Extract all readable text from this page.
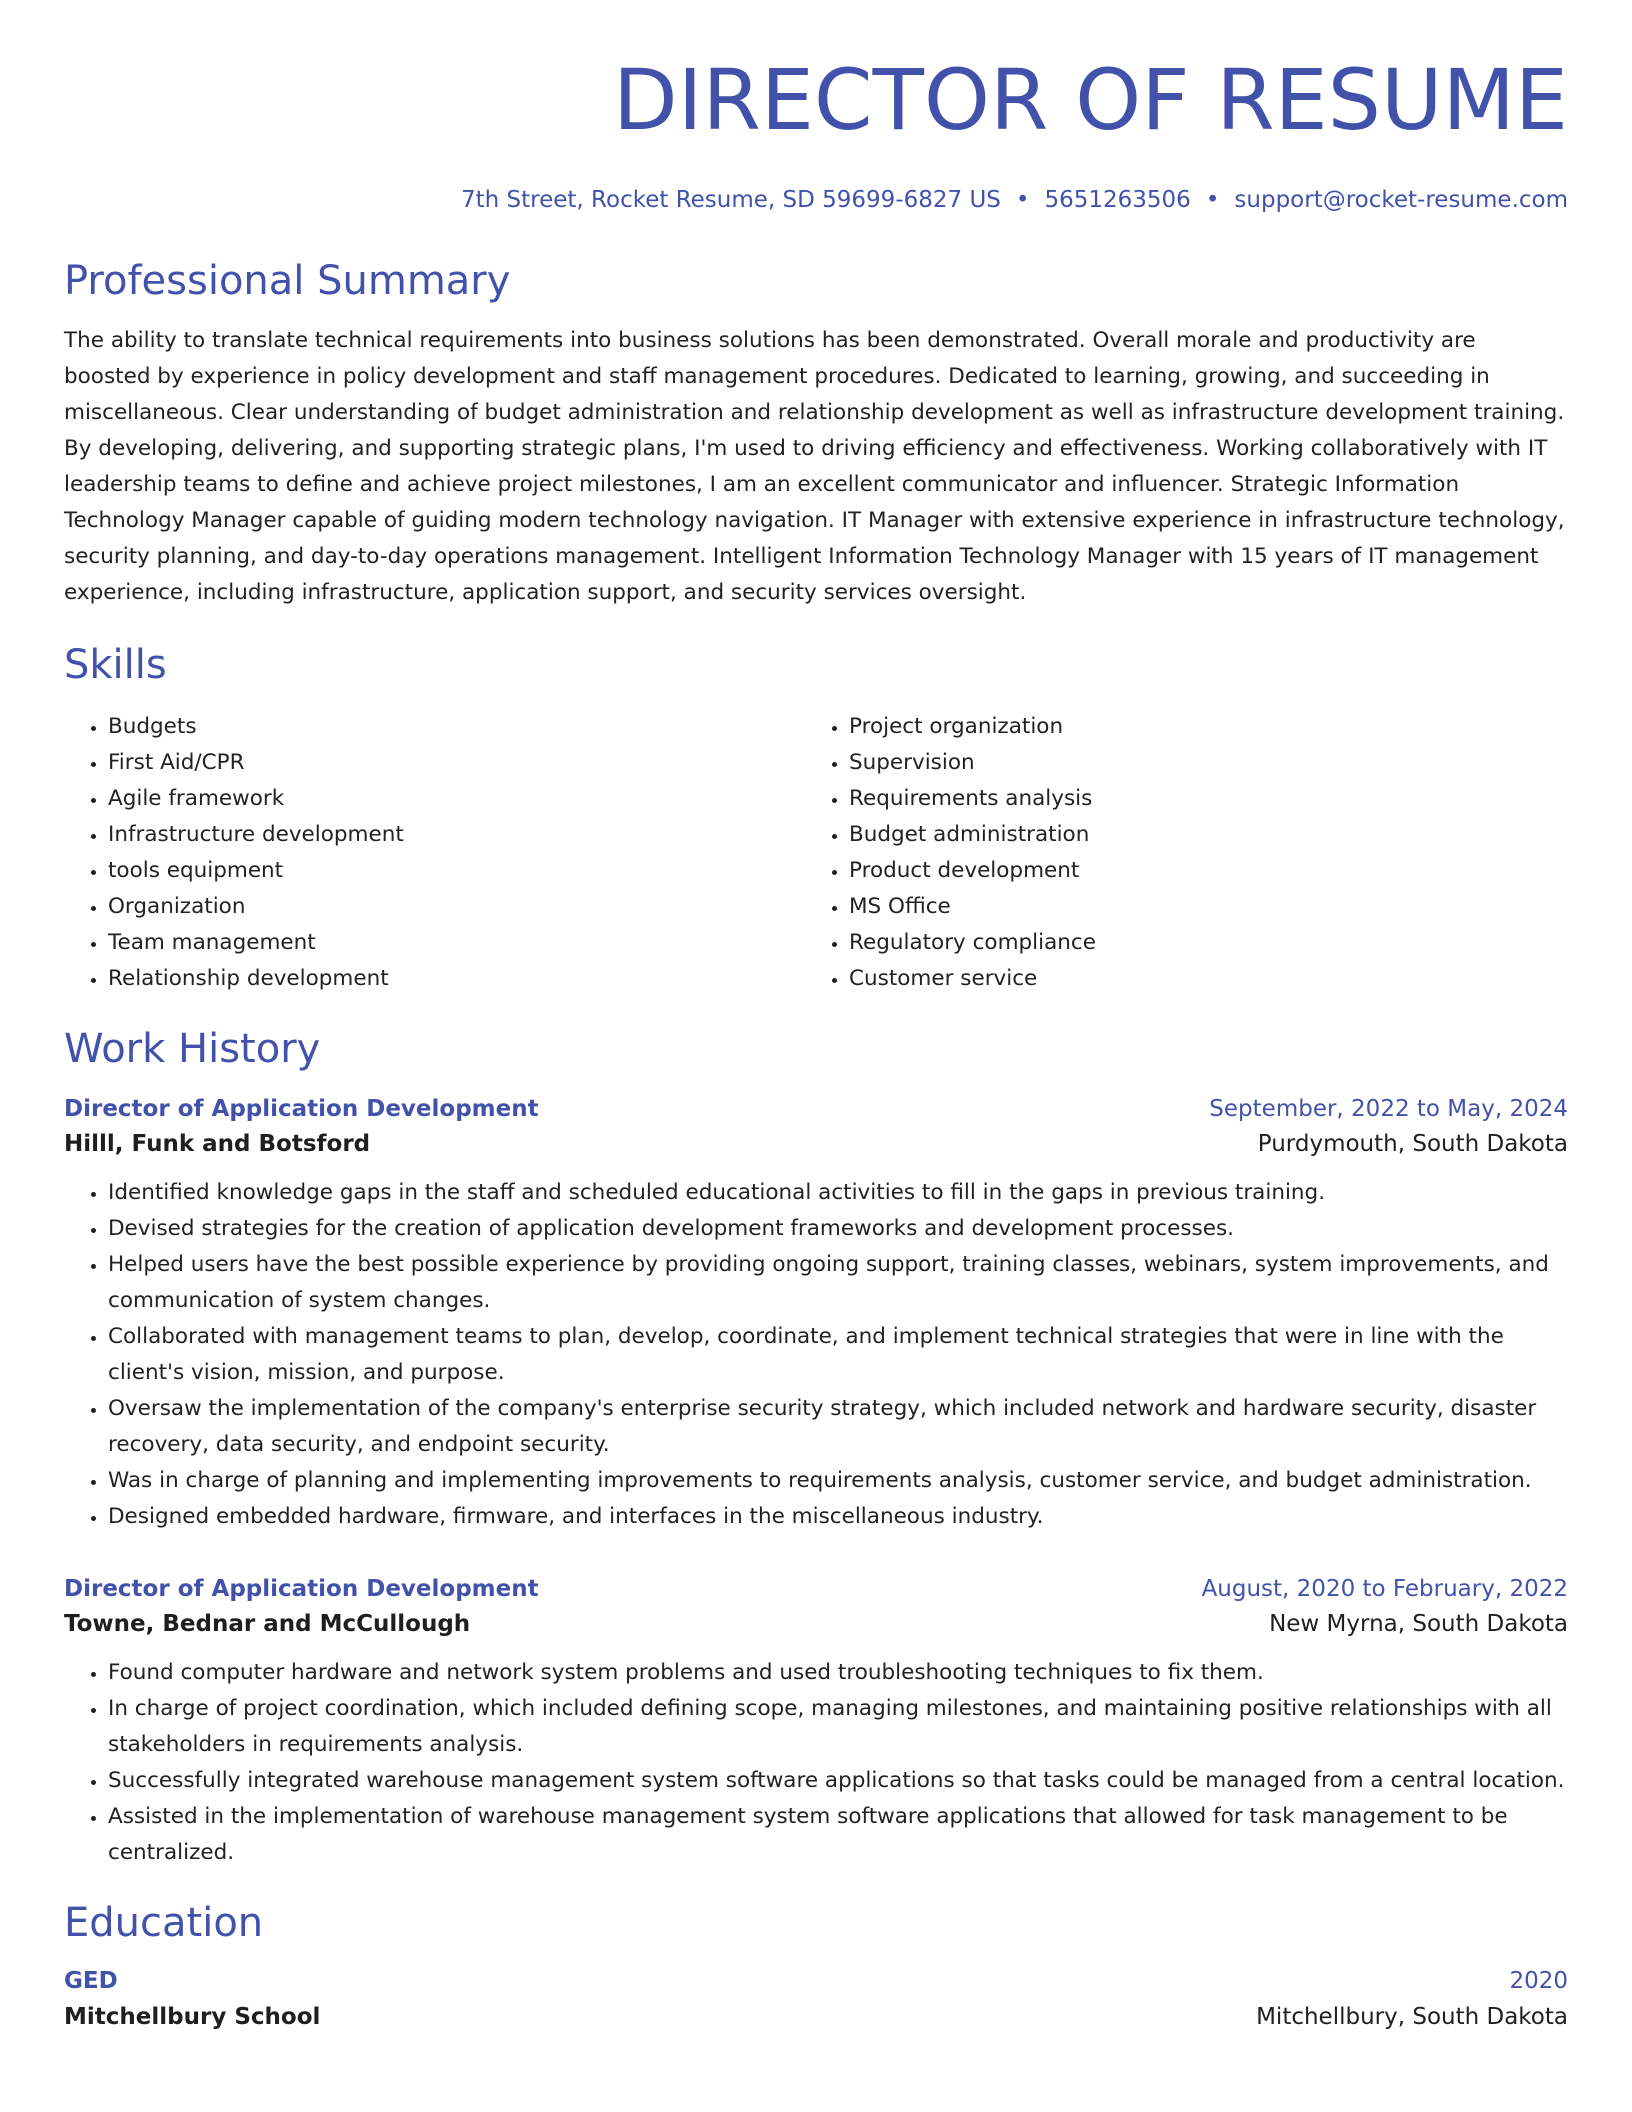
DIRECTOR OF RESUME
7th Street, Rocket Resume, SD 59699-6827 US • 5651263506 • support@rocket-resume.com
Professional Summary

The ability to translate technical requirements into business solutions has been demonstrated. Overall morale and productivity are boosted by experience in policy development and staff management procedures. Dedicated to learning, growing, and succeeding in miscellaneous. Clear understanding of budget administration and relationship development as well as infrastructure development training. By developing, delivering, and supporting strategic plans, I'm used to driving efficiency and effectiveness. Working collaboratively with IT leadership teams to define and achieve project milestones, I am an excellent communicator and influencer. Strategic Information Technology Manager capable of guiding modern technology navigation. IT Manager with extensive experience in infrastructure technology, security planning, and day-to-day operations management. Intelligent Information Technology Manager with 15 years of IT management experience, including infrastructure, application support, and security services oversight.

Skills
• Budgets
• First Aid/CPR
• Agile framework
• Infrastructure development
• tools equipment
• Organization
• Team management
• Relationship development
• Project organization
• Supervision
• Requirements analysis
• Budget administration
• Product development
• MS Office
• Regulatory compliance
• Customer service
Work History
Director of Application Development	September, 2022 to May, 2024
Hilll, Funk and Botsford	Purdymouth, South Dakota
• Identified knowledge gaps in the staff and scheduled educational activities to fill in the gaps in previous training.
• Devised strategies for the creation of application development frameworks and development processes.
• Helped users have the best possible experience by providing ongoing support, training classes, webinars, system improvements, and communication of system changes.
• Collaborated with management teams to plan, develop, coordinate, and implement technical strategies that were in line with the client's vision, mission, and purpose.
• Oversaw the implementation of the company's enterprise security strategy, which included network and hardware security, disaster recovery, data security, and endpoint security.
• Was in charge of planning and implementing improvements to requirements analysis, customer service, and budget administration.
• Designed embedded hardware, firmware, and interfaces in the miscellaneous industry.
Director of Application Development	August, 2020 to February, 2022
Towne, Bednar and McCullough	New Myrna, South Dakota
• Found computer hardware and network system problems and used troubleshooting techniques to fix them.
• In charge of project coordination, which included defining scope, managing milestones, and maintaining positive relationships with all stakeholders in requirements analysis.
• Successfully integrated warehouse management system software applications so that tasks could be managed from a central location.
• Assisted in the implementation of warehouse management system software applications that allowed for task management to be centralized.
Education
GED	2020
Mitchellbury School	Mitchellbury, South Dakota
